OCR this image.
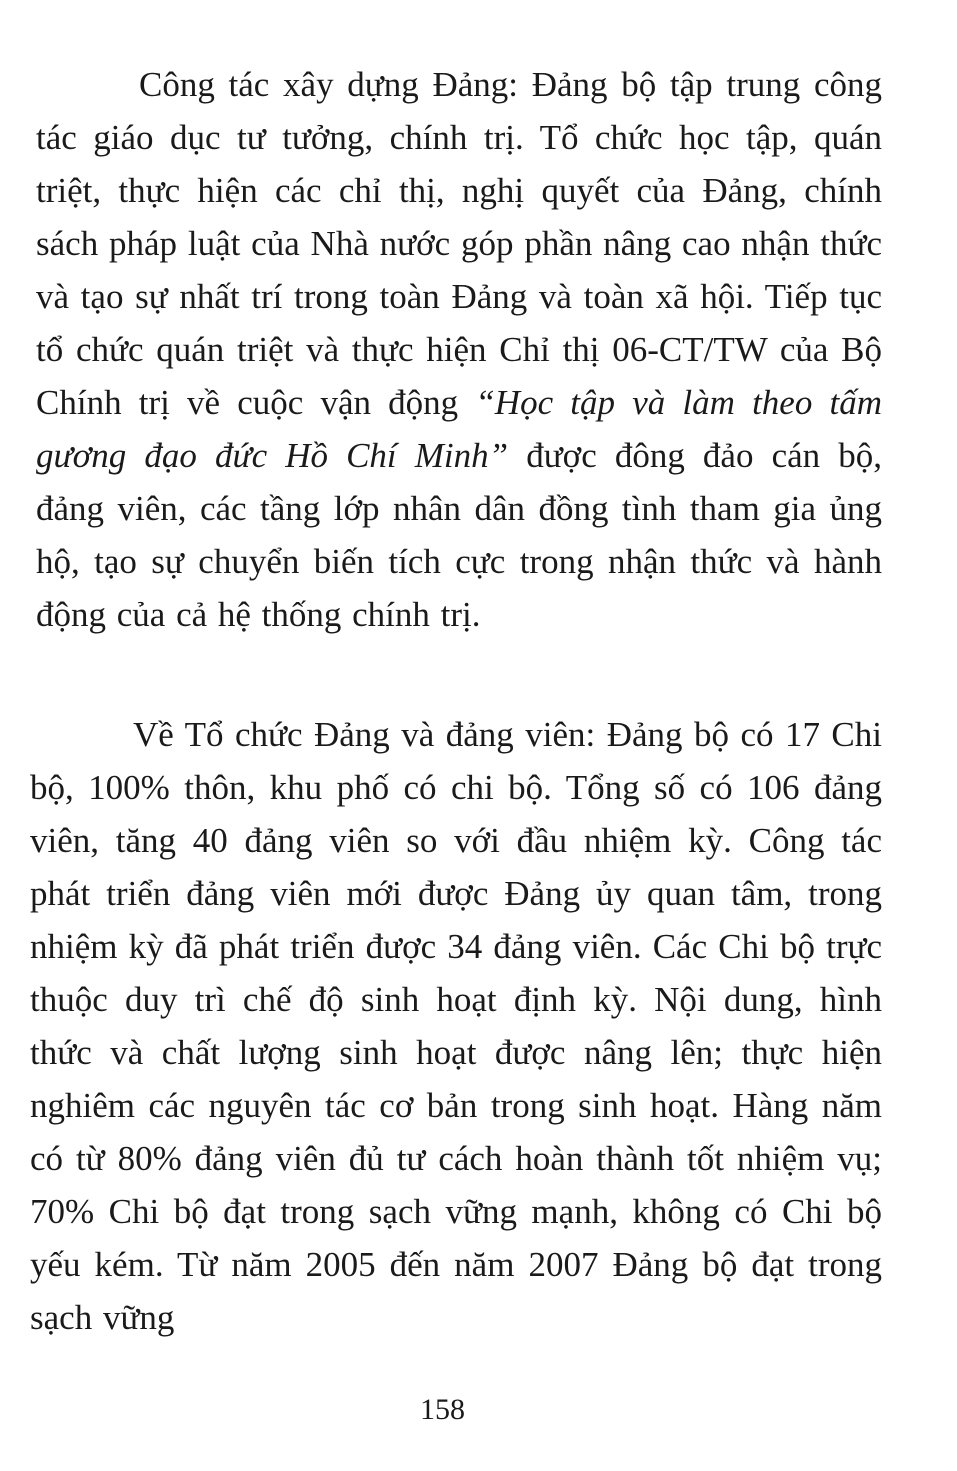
Công tác xây dựng Đảng: Đảng bộ tập trung công tác giáo dục tư tưởng, chính trị. Tổ chức học tập, quán triệt, thực hiện các chỉ thị, nghị quyết của Đảng, chính sách pháp luật của Nhà nước góp phần nâng cao nhận thức và tạo sự nhất trí trong toàn Đảng và toàn xã hội. Tiếp tục tổ chức quán triệt và thực hiện Chỉ thị 06-CT/TW của Bộ Chính trị về cuộc vận động “Học tập và làm theo tấm gương đạo đức Hồ Chí Minh” được đông đảo cán bộ, đảng viên, các tầng lớp nhân dân đồng tình tham gia ủng hộ, tạo sự chuyển biến tích cực trong nhận thức và hành động của cả hệ thống chính trị.

Về Tổ chức Đảng và đảng viên: Đảng bộ có 17 Chi bộ, 100% thôn, khu phố có chi bộ. Tổng số có 106 đảng viên, tăng 40 đảng viên so với đầu nhiệm kỳ. Công tác phát triển đảng viên mới được Đảng ủy quan tâm, trong nhiệm kỳ đã phát triển được 34 đảng viên. Các Chi bộ trực thuộc duy trì chế độ sinh hoạt định kỳ. Nội dung, hình thức và chất lượng sinh hoạt được nâng lên; thực hiện nghiêm các nguyên tác cơ bản trong sinh hoạt. Hàng năm có từ 80% đảng viên đủ tư cách hoàn thành tốt nhiệm vụ; 70% Chi bộ đạt trong sạch vững mạnh, không có Chi bộ yếu kém. Từ năm 2005 đến năm 2007 Đảng bộ đạt trong sạch vững

158
